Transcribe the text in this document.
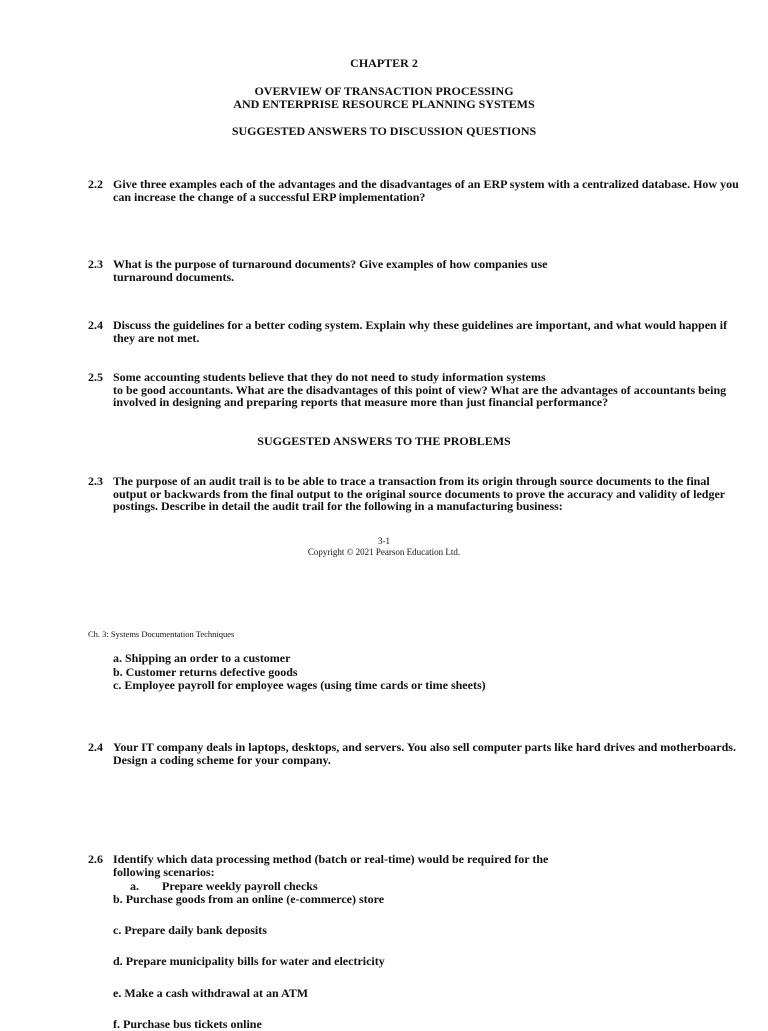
CHAPTER 2
OVERVIEW OF TRANSACTION PROCESSING
AND ENTERPRISE RESOURCE PLANNING SYSTEMS
SUGGESTED ANSWERS TO DISCUSSION QUESTIONS
2.2 Give three examples each of the advantages and the disadvantages of an ERP system with a centralized database. How you
can increase the change of a successful ERP implementation?
2.3 What is the purpose of turnaround documents? Give examples of how companies use
turnaround documents.
2.4 Discuss the guidelines for a better coding system. Explain why these guidelines are important, and what would happen if
they are not met.
2.5 Some accounting students believe that they do not need to study information systems
to be good accountants. What are the disadvantages of this point of view? What are the advantages of accountants being
involved in designing and preparing reports that measure more than just financial performance?
SUGGESTED ANSWERS TO THE PROBLEMS
2.3 The purpose of an audit trail is to be able to trace a transaction from its origin through source documents to the final
output or backwards from the final output to the original source documents to prove the accuracy and validity of ledger
postings. Describe in detail the audit trail for the following in a manufacturing business:
3-1
Copyright © 2021 Pearson Education Ltd.
Ch. 3: Systems Documentation Techniques
a. Shipping an order to a customer
b. Customer returns defective goods
c. Employee payroll for employee wages (using time cards or time sheets)
2.4 Your IT company deals in laptops, desktops, and servers. You also sell computer parts like hard drives and motherboards.
Design a coding scheme for your company.
2.6 Identify which data processing method (batch or real-time) would be required for the
following scenarios:
a. Prepare weekly payroll checks
b. Purchase goods from an online (e-commerce) store
c. Prepare daily bank deposits
d. Prepare municipality bills for water and electricity
e. Make a cash withdrawal at an ATM
f. Purchase bus tickets online
